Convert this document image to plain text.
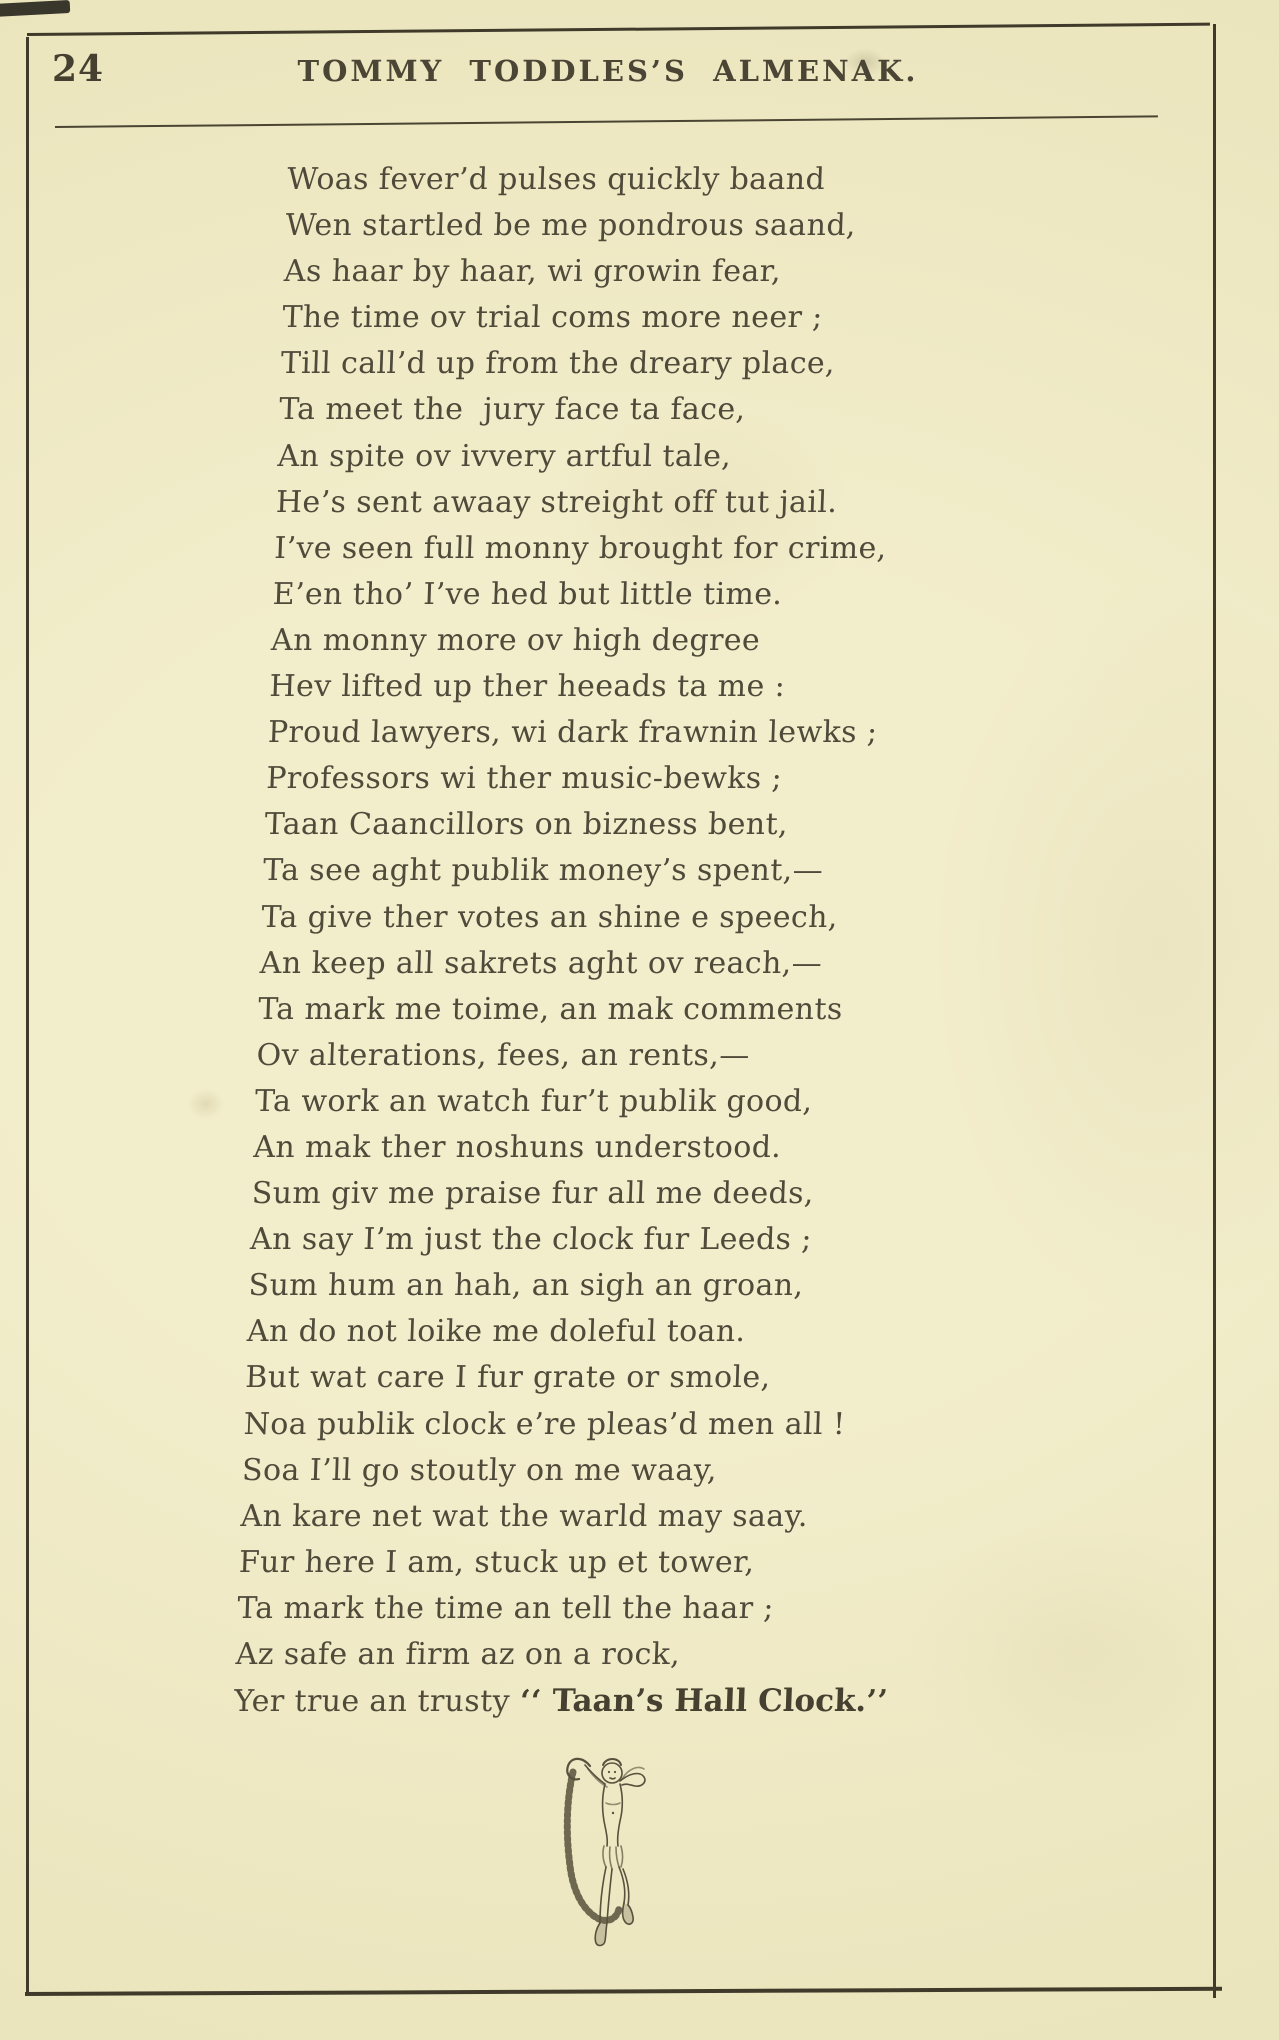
24	TOMMY TODDLES’S ALMENAK.
Woas fever’d pulses quickly baand
Wen startled be me pondrous saand,
As haar by haar, wi growin fear,
The time ov trial coms more neer ;
Till call’d up from the dreary place,
Ta meet the  jury face ta face,
An spite ov ivvery artful tale,
He’s sent awaay streight off tut jail.
I’ve seen full monny brought for crime,
E’en tho’ I’ve hed but little time.
An monny more ov high degree
Hev lifted up ther heeads ta me :
Proud lawyers, wi dark frawnin lewks ;
Professors wi ther music-bewks ;
Taan Caancillors on bizness bent,
Ta see aght publik money’s spent,—
Ta give ther votes an shine e speech,
An keep all sakrets aght ov reach,—
Ta mark me toime, an mak comments
Ov alterations, fees, an rents,—
Ta work an watch fur’t publik good,
An mak ther noshuns understood.
Sum giv me praise fur all me deeds,
An say I’m just the clock fur Leeds ;
Sum hum an hah, an sigh an groan,
An do not loike me doleful toan.
But wat care I fur grate or smole,
Noa publik clock e’re pleas’d men all !
Soa I’ll go stoutly on me waay,
An kare net wat the warld may saay.
Fur here I am, stuck up et tower,
Ta mark the time an tell the haar ;
Az safe an firm az on a rock,
Yer true an trusty ‘‘ Taan’s Hall Clock.’’
